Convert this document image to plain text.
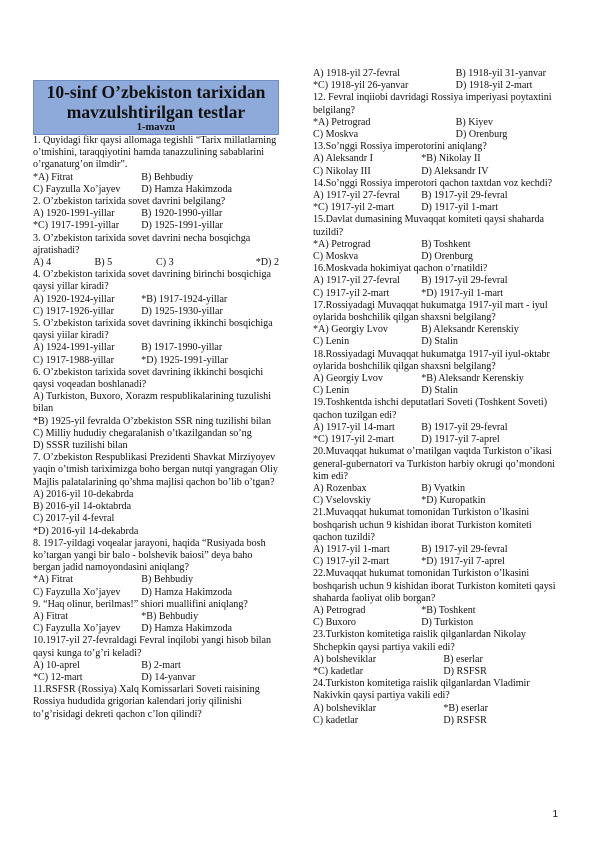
10-sinf O’zbekiston tarixidan mavzulshtirilgan testlar
1-mavzu
1. Quyidagi fikr qaysi allomaga tegishli “Tarix millatlarning o’tmishini, taraqqiyotini hamda tanazzulining sabablarini o’rganaturg’on ilmdir”.
*A) Fitrat	B) Behbudiy
C) Fayzulla Xo’jayev	D) Hamza Hakimzoda
2. O’zbekiston tarixida sovet davrini belgilang?
A) 1920-1991-yillar	B) 1920-1990-yillar
*C) 1917-1991-yillar	D) 1925-1991-yillar
3. O’zbekiston tarixida sovet davrini necha bosqichga ajratishadi?
A) 4	B) 5	C) 3	*D) 2
4. O’zbekiston tarixida sovet davrining birinchi bosqichiga qaysi yillar kiradi?
A) 1920-1924-yillar	*B) 1917-1924-yillar
C) 1917-1926-yillar	D) 1925-1930-yillar
5. O’zbekiston tarixida sovet davrining ikkinchi bosqichiga qaysi yiilar kiradi?
A) 1924-1991-yillar	B) 1917-1990-yillar
C) 1917-1988-yillar	*D) 1925-1991-yillar
6. O’zbekiston tarixida sovet davrining ikkinchi bosqichi qaysi voqeadan boshlanadi?
A) Turkiston, Buxoro, Xorazm respublikalarining tuzulishi bilan
*B) 1925-yil fevralda O’zbekiston SSR ning tuzilishi bilan
C) Milliy hududiy chegaralanish o’tkazilgandan so’ng
D) SSSR tuzilishi bilan
7. O’zbekiston Respublikasi Prezidenti Shavkat Mirziyoyev yaqin o’tmish tariximizga boho bergan nutqi yangragan Oliy Majlis palatalarining qo’shma majlisi qachon bo’lib o’tgan?
A) 2016-yil 10-dekabrda
B) 2016-yil 14-oktabrda
C) 2017-yil 4-fevral
*D) 2016-yil 14-dekabrda
8. 1917-yildagi voqealar jarayoni, haqida “Rusiyada bosh ko’targan yangi bir balo - bolshevik baiosi” deya baho bergan jadid namoyondasini aniqlang?
*A) Fitrat	B) Behbudiy
C) Fayzulla Xo’jayev	D) Hamza Hakimzoda
9. “Haq olinur, berilmas!” shiori muallifini aniqlang?
A) Fitrat	*B) Behbudiy
C) Fayzulla Xo’jayev	D) Hamza Hakimzoda
10.1917-yil 27-fevraldagi Fevral inqilobi yangi hisob bilan qaysi kunga to’g’ri keladi?
A) 10-aprel	B) 2-mart
*C) 12-mart	D) 14-yanvar
11.RSFSR (Rossiya) Xalq Komissarlari Soveti raisining Rossiya hududida grigorian kalendari joriy qilinishi to’g’risidagi dekreti qachon c’lon qilindi?
A) 1918-yil 27-fevral	B) 1918-yil 31-yanvar
*C) 1918-yil 26-yanvar	D) 1918-yil 2-mart
12. Fevral inqiiobi davridagi Rossiya imperiyasi poytaxtini belgilang?
*A) Petrograd	B) Kiyev
C) Moskva	D) Orenburg
13.So’nggi Rossiya imperotorini aniqlang?
A) Aleksandr I	*B) Nikolay II
C) Nikolay III	D) Aleksandr IV
14.So’nggi Rossiya imperotori qachon taxtdan voz kechdi?
A) 1917-yil 27-fevral	B) 1917-yil 29-fevral
*C) 1917-yil 2-mart	D) 1917-yil 1-mart
15.Davlat dumasining Muvaqqat komiteti qaysi shaharda tuzildi?
*A) Petrograd	B) Toshkent
C) Moskva	D) Orenburg
16.Moskvada hokimiyat qachon o’rnatildi?
A) 1917-yil 27-fevral	B) 1917-yil 29-fevral
C) 1917-yil 2-mart	*D) 1917-yil 1-mart
17.Rossiyadagi Muvaqqat hukumatga 1917-yil mart - iyul oylarida boshchilik qilgan shaxsni belgilang?
*A) Georgiy Lvov	B) Aleksandr Kerenskiy
C) Lenin	D) Stalin
18.Rossiyadagi Muvaqqat hukumatga 1917-yil iyul-oktabr oylarida boshchilik qilgan shaxsni belgilang?
A) Georgiy Lvov	*B) Aleksandr Kerenskiy
C) Lenin	D) Stalin
19.Toshkentda ishchi deputatlari Soveti (Toshkent Soveti) qachon tuzilgan edi?
A) 1917-yil 14-mart	B) 1917-yil 29-fevral
*C) 1917-yil 2-mart	D) 1917-yil 7-aprel
20.Muvaqqat hukumat o’rnatilgan vaqtda Turkiston o’ikasi general-gubernatori va Turkiston harbiy okrugi qo’mondoni kim edi?
A) Rozenbax	B) Vyatkin
C) Vselovskiy	*D) Kuropatkin
21.Muvaqqat hukumat tomonidan Turkiston o’lkasini boshqarish uchun 9 kishidan iborat Turkiston komiteti qachon tuzildi?
A) 1917-yil 1-mart	B) 1917-yil 29-fevral
C) 1917-yil 2-mart	*D) 1917-yil 7-aprel
22.Muvaqqat hukumat tomonidan Turkiston o’lkasini boshqarish uchun 9 kishidan iborat Turkiston komiteti qaysi shaharda faoliyat olib borgan?
A) Petrograd	*B) Toshkent
C) Buxoro	D) Turkiston
23.Turkiston komitetiga raislik qilganlardan Nikolay Shchepkin qaysi partiya vakili edi?
A) bolsheviklar	B) eserlar
*C) kadetlar	D) RSFSR
24.Turkiston komitetiga raislik qilganlardan Vladimir Nakivkin qaysi partiya vakili edi?
A) bolsheviklar	*B) eserlar
C) kadetlar	D) RSFSR
1
